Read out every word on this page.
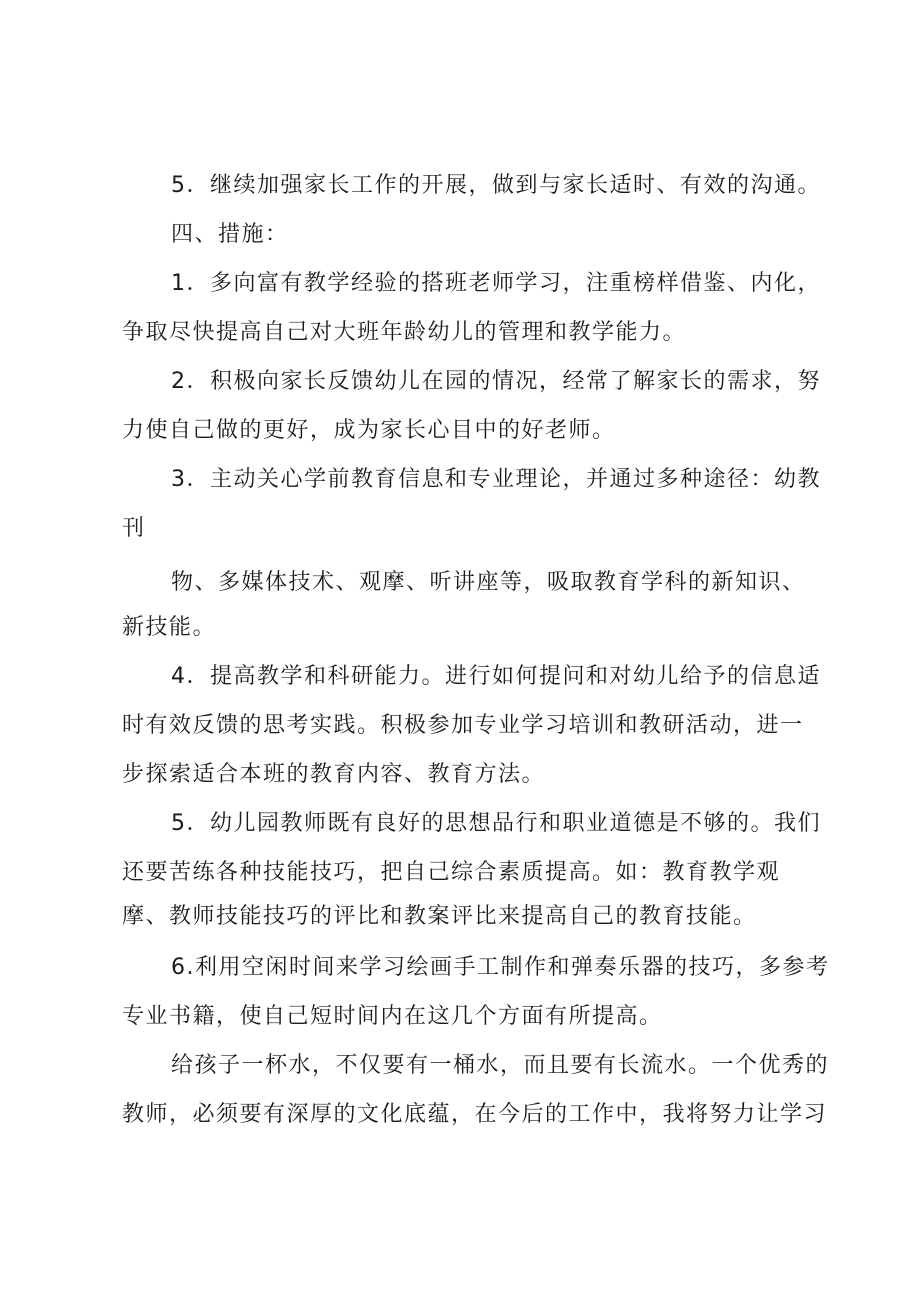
5．继续加强家长工作的开展，做到与家长适时、有效的沟通。
四、措施：
1．多向富有教学经验的搭班老师学习，注重榜样借鉴、内化，
争取尽快提高自己对大班年龄幼儿的管理和教学能力。
2．积极向家长反馈幼儿在园的情况，经常了解家长的需求，努
力使自己做的更好，成为家长心目中的好老师。
3．主动关心学前教育信息和专业理论，并通过多种途径：幼教
刊
物、多媒体技术、观摩、听讲座等，吸取教育学科的新知识、
新技能。
4．提高教学和科研能力。进行如何提问和对幼儿给予的信息适
时有效反馈的思考实践。积极参加专业学习培训和教研活动，进一
步探索适合本班的教育内容、教育方法。
5．幼儿园教师既有良好的思想品行和职业道德是不够的。我们
还要苦练各种技能技巧，把自己综合素质提高。如：教育教学观
摩、教师技能技巧的评比和教案评比来提高自己的教育技能。
6.利用空闲时间来学习绘画手工制作和弹奏乐器的技巧，多参考
专业书籍，使自己短时间内在这几个方面有所提高。
给孩子一杯水，不仅要有一桶水，而且要有长流水。一个优秀的
教师，必须要有深厚的文化底蕴，在今后的工作中，我将努力让学习
